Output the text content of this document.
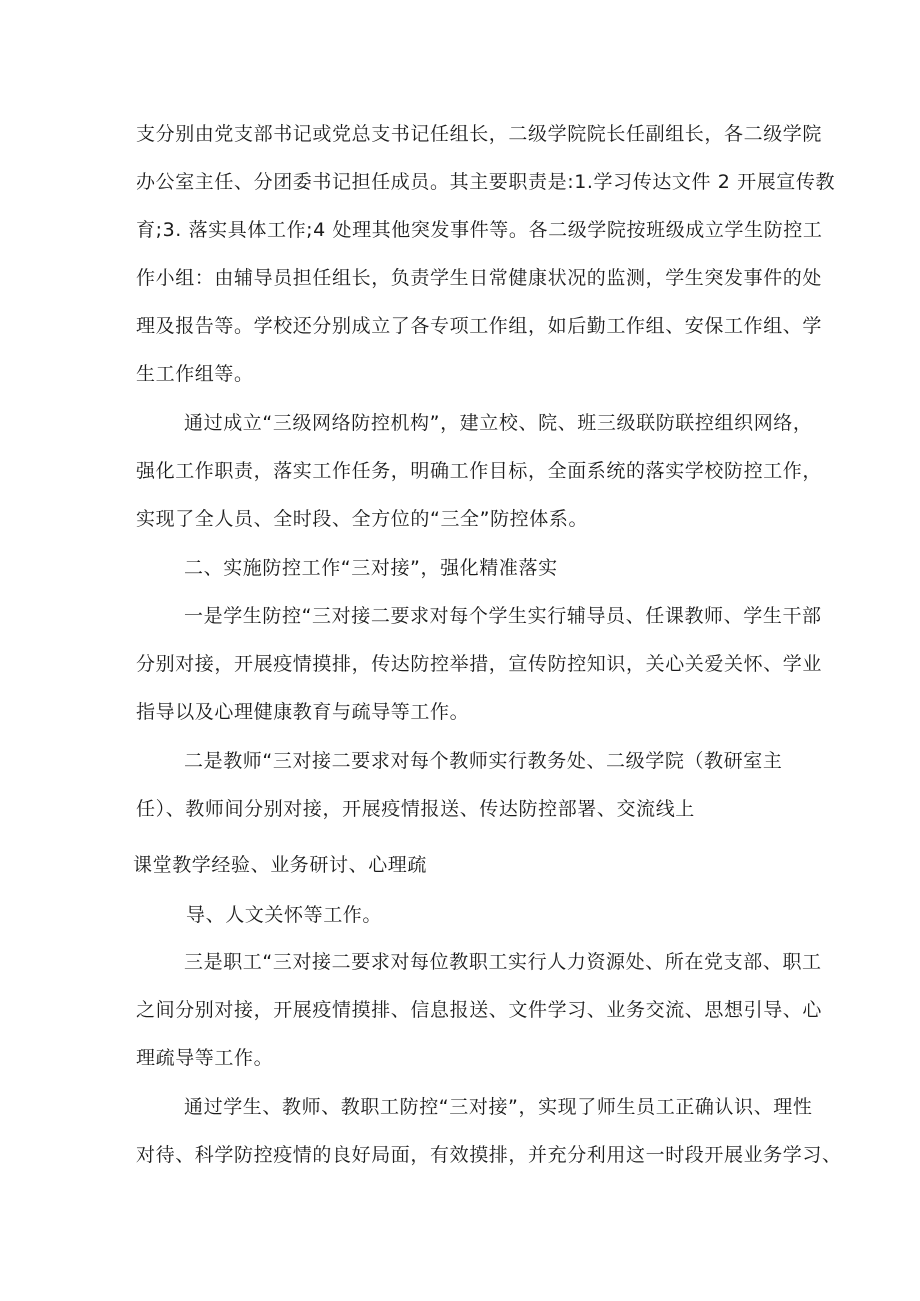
支分别由党支部书记或党总支书记任组长，二级学院院长任副组长，各二级学院

办公室主任、分团委书记担任成员。其主要职责是:1.学习传达文件 2 开展宣传教

育;3. 落实具体工作;4 处理其他突发事件等。各二级学院按班级成立学生防控工

作小组：由辅导员担任组长，负责学生日常健康状况的监测，学生突发事件的处

理及报告等。学校还分别成立了各专项工作组，如后勤工作组、安保工作组、学

生工作组等。

通过成立“三级网络防控机构”，建立校、院、班三级联防联控组织网络，

强化工作职责，落实工作任务，明确工作目标，全面系统的落实学校防控工作，

实现了全人员、全时段、全方位的“三全”防控体系。

二、实施防控工作“三对接”，强化精准落实

一是学生防控“三对接二要求对每个学生实行辅导员、任课教师、学生干部

分别对接，开展疫情摸排，传达防控举措，宣传防控知识，关心关爱关怀、学业

指导以及心理健康教育与疏导等工作。

二是教师“三对接二要求对每个教师实行教务处、二级学院（教研室主

任）、教师间分别对接，开展疫情报送、传达防控部署、交流线上

课堂教学经验、业务研讨、心理疏

导、人文关怀等工作。

三是职工“三对接二要求对每位教职工实行人力资源处、所在党支部、职工

之间分别对接，开展疫情摸排、信息报送、文件学习、业务交流、思想引导、心

理疏导等工作。

通过学生、教师、教职工防控“三对接”，实现了师生员工正确认识、理性

对待、科学防控疫情的良好局面，有效摸排，并充分利用这一时段开展业务学习、
